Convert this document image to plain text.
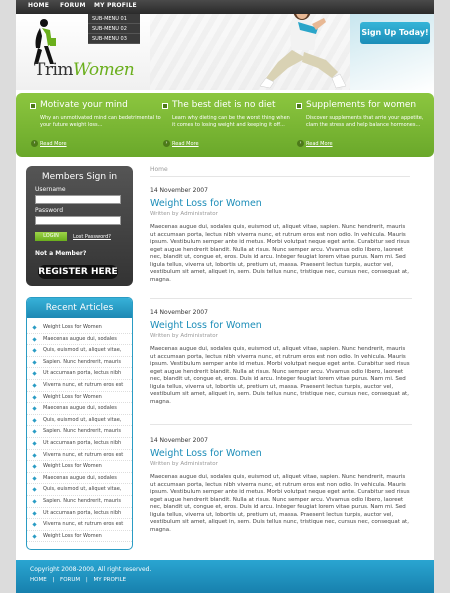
TrimWomen
Sign Up Today!
HOME FORUM MY PROFILE
SUB-MENU 01
SUB-MENU 02
SUB-MENU 03
Motivate your mind
Why an unmotivated mind can bedetrimental to your future weight loss...
› Read More
The best diet is no diet
Learn why dieting can be the worst thing when it comes to losing weight and keeping it off...
› Read More
Supplements for women
Discover supplements that arrie your appetite, clam the stress and help balance hormones...
› Read More
Members Sign in
Username
Password
Not a Member?
REGISTER HERE
LOGIN	Lost Password?
Recent Articles
Weight Loss for Women
Maecenas augue dui, sodales
Quis, euismod ut, aliquet vitae,
Sapien. Nunc hendrerit, mauris
Ut accumsan porta, lectus nibh
Viverra nunc, et rutrum eros est
Weight Loss for Women
Maecenas augue dui, sodales
Quis, euismod ut, aliquet vitae,
Sapien. Nunc hendrerit, mauris
Ut accumsan porta, lectus nibh
Viverra nunc, et rutrum eros est
Weight Loss for Women
Maecenas augue dui, sodales
Quis, euismod ut, aliquet vitae,
Sapien. Nunc hendrerit, mauris
Ut accumsan porta, lectus nibh
Viverra nunc, et rutrum eros est
Weight Loss for Women
Home
14 November 2007
Weight Loss for Women
Written by Administrator
Maecenas augue dui, sodales quis, euismod ut, aliquet vitae, sapien. Nunc hendrerit, mauris ut accumsan porta, lectus nibh viverra nunc, et rutrum eros est non odio. In vehicula. Mauris ipsum. Vestibulum semper ante id metus. Morbi volutpat neque eget ante. Curabitur sed risus eget augue hendrerit blandit. Nulla at risus. Nunc semper arcu. Vivamus odio libero, laoreet nec, blandit ut, congue et, eros. Duis id arcu. Integer feugiat lorem vitae purus. Nam mi. Sed ligula tellus, viverra ut, lobortis ut, pretium ut, massa. Praesent lectus turpis, auctor vel, vestibulum sit amet, aliquet in, sem. Duis tellus nunc, tristique nec, cursus nec, consequat at, magna.
14 November 2007
Weight Loss for Women
Written by Administrator
Maecenas augue dui, sodales quis, euismod ut, aliquet vitae, sapien. Nunc hendrerit, mauris ut accumsan porta, lectus nibh viverra nunc, et rutrum eros est non odio. In vehicula. Mauris ipsum. Vestibulum semper ante id metus. Morbi volutpat neque eget ante. Curabitur sed risus eget augue hendrerit blandit. Nulla at risus. Nunc semper arcu. Vivamus odio libero, laoreet nec, blandit ut, congue et, eros. Duis id arcu. Integer feugiat lorem vitae purus. Nam mi. Sed ligula tellus, viverra ut, lobortis ut, pretium ut, massa. Praesent lectus turpis, auctor vel, vestibulum sit amet, aliquet in, sem. Duis tellus nunc, tristique nec, cursus nec, consequat at, magna.
14 November 2007
Weight Loss for Women
Written by Administrator
Maecenas augue dui, sodales quis, euismod ut, aliquet vitae, sapien. Nunc hendrerit, mauris ut accumsan porta, lectus nibh viverra nunc, et rutrum eros est non odio. In vehicula. Mauris ipsum. Vestibulum semper ante id metus. Morbi volutpat neque eget ante. Curabitur sed risus eget augue hendrerit blandit. Nulla at risus. Nunc semper arcu. Vivamus odio libero, laoreet nec, blandit ut, congue et, eros. Duis id arcu. Integer feugiat lorem vitae purus. Nam mi. Sed ligula tellus, viverra ut, lobortis ut, pretium ut, massa. Praesent lectus turpis, auctor vel, vestibulum sit amet, aliquet in, sem. Duis tellus nunc, tristique nec, cursus nec, consequat at, magna.
Copyright 2008-2009, All right reserved.
HOME | FORUM | MY PROFILE
